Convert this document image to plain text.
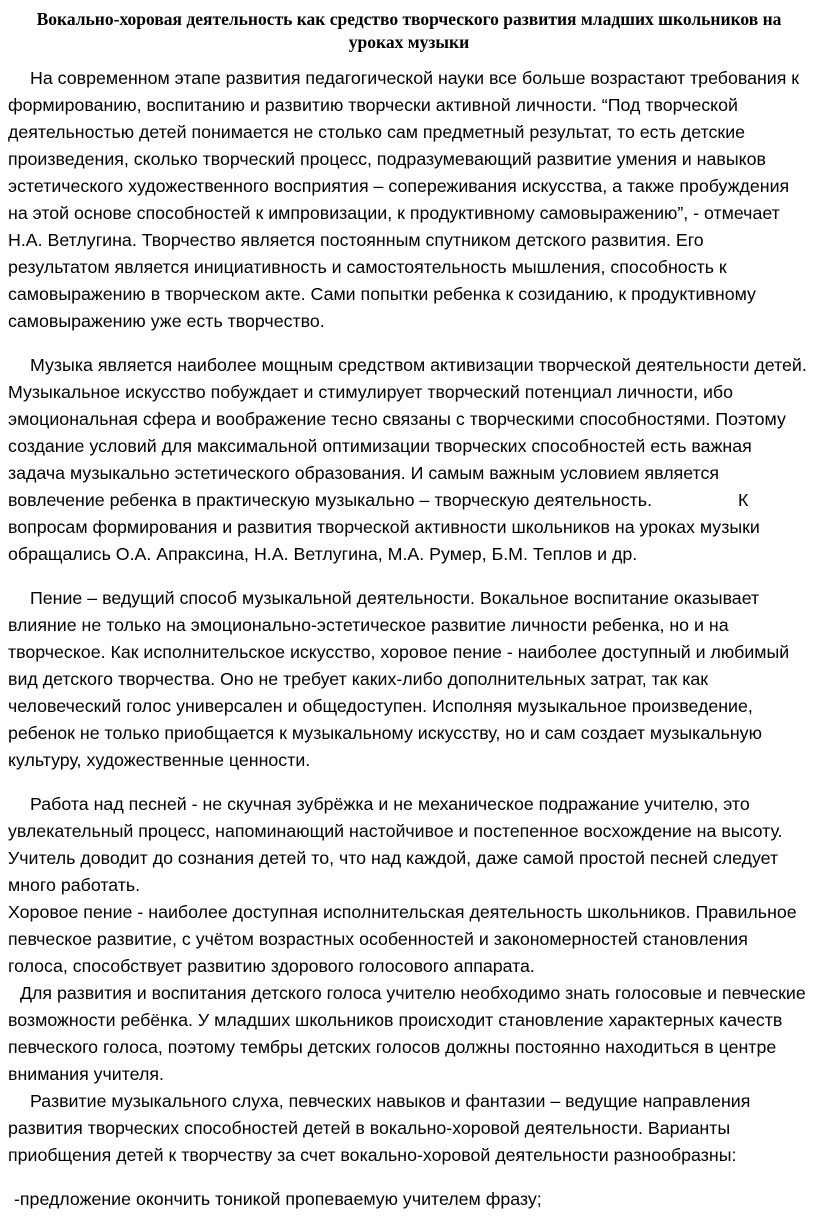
Вокально-хоровая деятельность как средство творческого развития младших школьников на уроках музыки

На современном этапе развития педагогической науки все больше возрастают требования к формированию, воспитанию и развитию творчески активной личности. “Под творческой деятельностью детей понимается не столько сам предметный результат, то есть детские произведения, сколько творческий процесс, подразумевающий развитие умения и навыков эстетического художественного восприятия – сопереживания искусства, а также пробуждения на этой основе способностей к импровизации, к продуктивному самовыражению”, - отмечает Н.А. Ветлугина. Творчество является постоянным спутником детского развития. Его результатом является инициативность и самостоятельность мышления, способность к самовыражению в творческом акте. Сами попытки ребенка к созиданию, к продуктивному самовыражению уже есть творчество.

Музыка является наиболее мощным средством активизации творческой деятельности детей. Музыкальное искусство побуждает и стимулирует творческий потенциал личности, ибо эмоциональная сфера и воображение тесно связаны с творческими способностями. Поэтому создание условий для максимальной оптимизации творческих способностей есть важная задача музыкально эстетического образования. И самым важным условием является вовлечение ребенка в практическую музыкально – творческую деятельность.	К вопросам формирования и развития творческой активности школьников на уроках музыки обращались О.А. Апраксина, Н.А. Ветлугина, М.А. Румер, Б.М. Теплов и др.

Пение – ведущий способ музыкальной деятельности. Вокальное воспитание оказывает влияние не только на эмоционально-эстетическое развитие личности ребенка, но и на творческое. Как исполнительское искусство, хоровое пение - наиболее доступный и любимый вид детского творчества. Оно не требует каких-либо дополнительных затрат, так как человеческий голос универсален и общедоступен. Исполняя музыкальное произведение, ребенок не только приобщается к музыкальному искусству, но и сам создает музыкальную культуру, художественные ценности.

Работа над песней - не скучная зубрёжка и не механическое подражание учителю, это увлекательный процесс, напоминающий настойчивое и постепенное восхождение на высоту. Учитель доводит до сознания детей то, что над каждой, даже самой простой песней следует много работать.

Хоровое пение - наиболее доступная исполнительская деятельность школьников. Правильное певческое развитие, с учётом возрастных особенностей и закономерностей становления голоса, способствует развитию здорового голосового аппарата.

Для развития и воспитания детского голоса учителю необходимо знать голосовые и певческие возможности ребёнка. У младших школьников происходит становление характерных качеств певческого голоса, поэтому тембры детских голосов должны постоянно находиться в центре внимания учителя.

Развитие музыкального слуха, певческих навыков и фантазии – ведущие направления развития творческих способностей детей в вокально-хоровой деятельности. Варианты приобщения детей к творчеству за счет вокально-хоровой деятельности разнообразны:

-предложение окончить тоникой пропеваемую учителем фразу;
